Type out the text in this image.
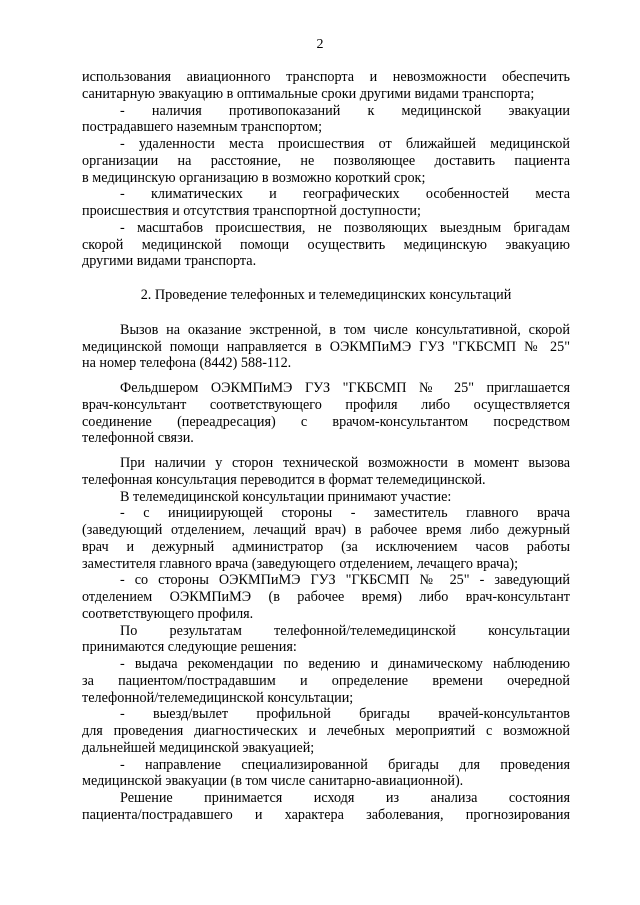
2
использования авиационного транспорта и невозможности обеспечить
санитарную эвакуацию в оптимальные сроки другими видами транспорта;
- наличия противопоказаний к медицинской эвакуации
пострадавшего наземным транспортом;
- удаленности места происшествия от ближайшей медицинской
организации на расстояние, не позволяющее доставить пациента
в медицинскую организацию в возможно короткий срок;
- климатических и географических особенностей места
происшествия и отсутствия транспортной доступности;
- масштабов происшествия, не позволяющих выездным бригадам
скорой медицинской помощи осуществить медицинскую эвакуацию
другими видами транспорта.
2. Проведение телефонных и телемедицинских консультаций
Вызов на оказание экстренной, в том числе консультативной, скорой
медицинской помощи направляется в ОЭКМПиМЭ ГУЗ "ГКБСМП № 25"
на номер телефона (8442) 588-112.
Фельдшером ОЭКМПиМЭ ГУЗ "ГКБСМП № 25" приглашается
врач-консультант соответствующего профиля либо осуществляется
соединение (переадресация) с врачом-консультантом посредством
телефонной связи.
При наличии у сторон технической возможности в момент вызова
телефонная консультация переводится в формат телемедицинской.
В телемедицинской консультации принимают участие:
- с инициирующей стороны - заместитель главного врача
(заведующий отделением, лечащий врач) в рабочее время либо дежурный
врач и дежурный администратор (за исключением часов работы
заместителя главного врача (заведующего отделением, лечащего врача);
- со стороны ОЭКМПиМЭ ГУЗ "ГКБСМП № 25" - заведующий
отделением ОЭКМПиМЭ (в рабочее время) либо врач-консультант
соответствующего профиля.
По результатам телефонной/телемедицинской консультации
принимаются следующие решения:
- выдача рекомендации по ведению и динамическому наблюдению
за пациентом/пострадавшим и определение времени очередной
телефонной/телемедицинской консультации;
- выезд/вылет профильной бригады врачей-консультантов
для проведения диагностических и лечебных мероприятий с возможной
дальнейшей медицинской эвакуацией;
- направление специализированной бригады для проведения
медицинской эвакуации (в том числе санитарно-авиационной).
Решение принимается исходя из анализа состояния
пациента/пострадавшего и характера заболевания, прогнозирования
